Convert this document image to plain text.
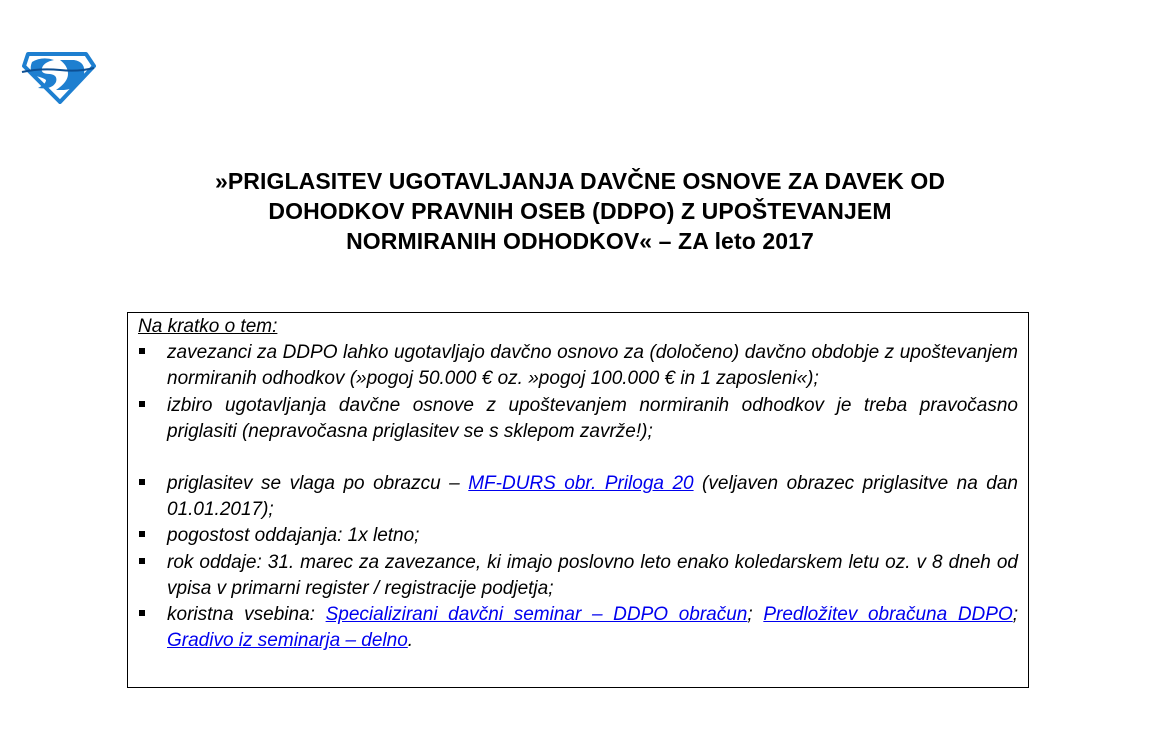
»PRIGLASITEV UGOTAVLJANJA DAVČNE OSNOVE ZA DAVEK OD
DOHODKOV PRAVNIH OSEB (DDPO) Z UPOŠTEVANJEM
NORMIRANIH ODHODKOV« – ZA leto 2017
Na kratko o tem:
zavezanci za DDPO lahko ugotavljajo davčno osnovo za (določeno) davčno obdobje z upoštevanjem normiranih odhodkov (»pogoj 50.000 € oz. »pogoj 100.000 € in 1 zaposleni«);
izbiro ugotavljanja davčne osnove z upoštevanjem normiranih odhodkov je treba pravočasno priglasiti (nepravočasna priglasitev se s sklepom zavrže!);
priglasitev se vlaga po obrazcu – MF-DURS obr. Priloga 20 (veljaven obrazec priglasitve na dan 01.01.2017);
pogostost oddajanja: 1x letno;
rok oddaje: 31. marec za zavezance, ki imajo poslovno leto enako koledarskem letu oz. v 8 dneh od vpisa v primarni register / registracije podjetja;
koristna vsebina: Specializirani davčni seminar – DDPO obračun; Predložitev obračuna DDPO; Gradivo iz seminarja – delno.
